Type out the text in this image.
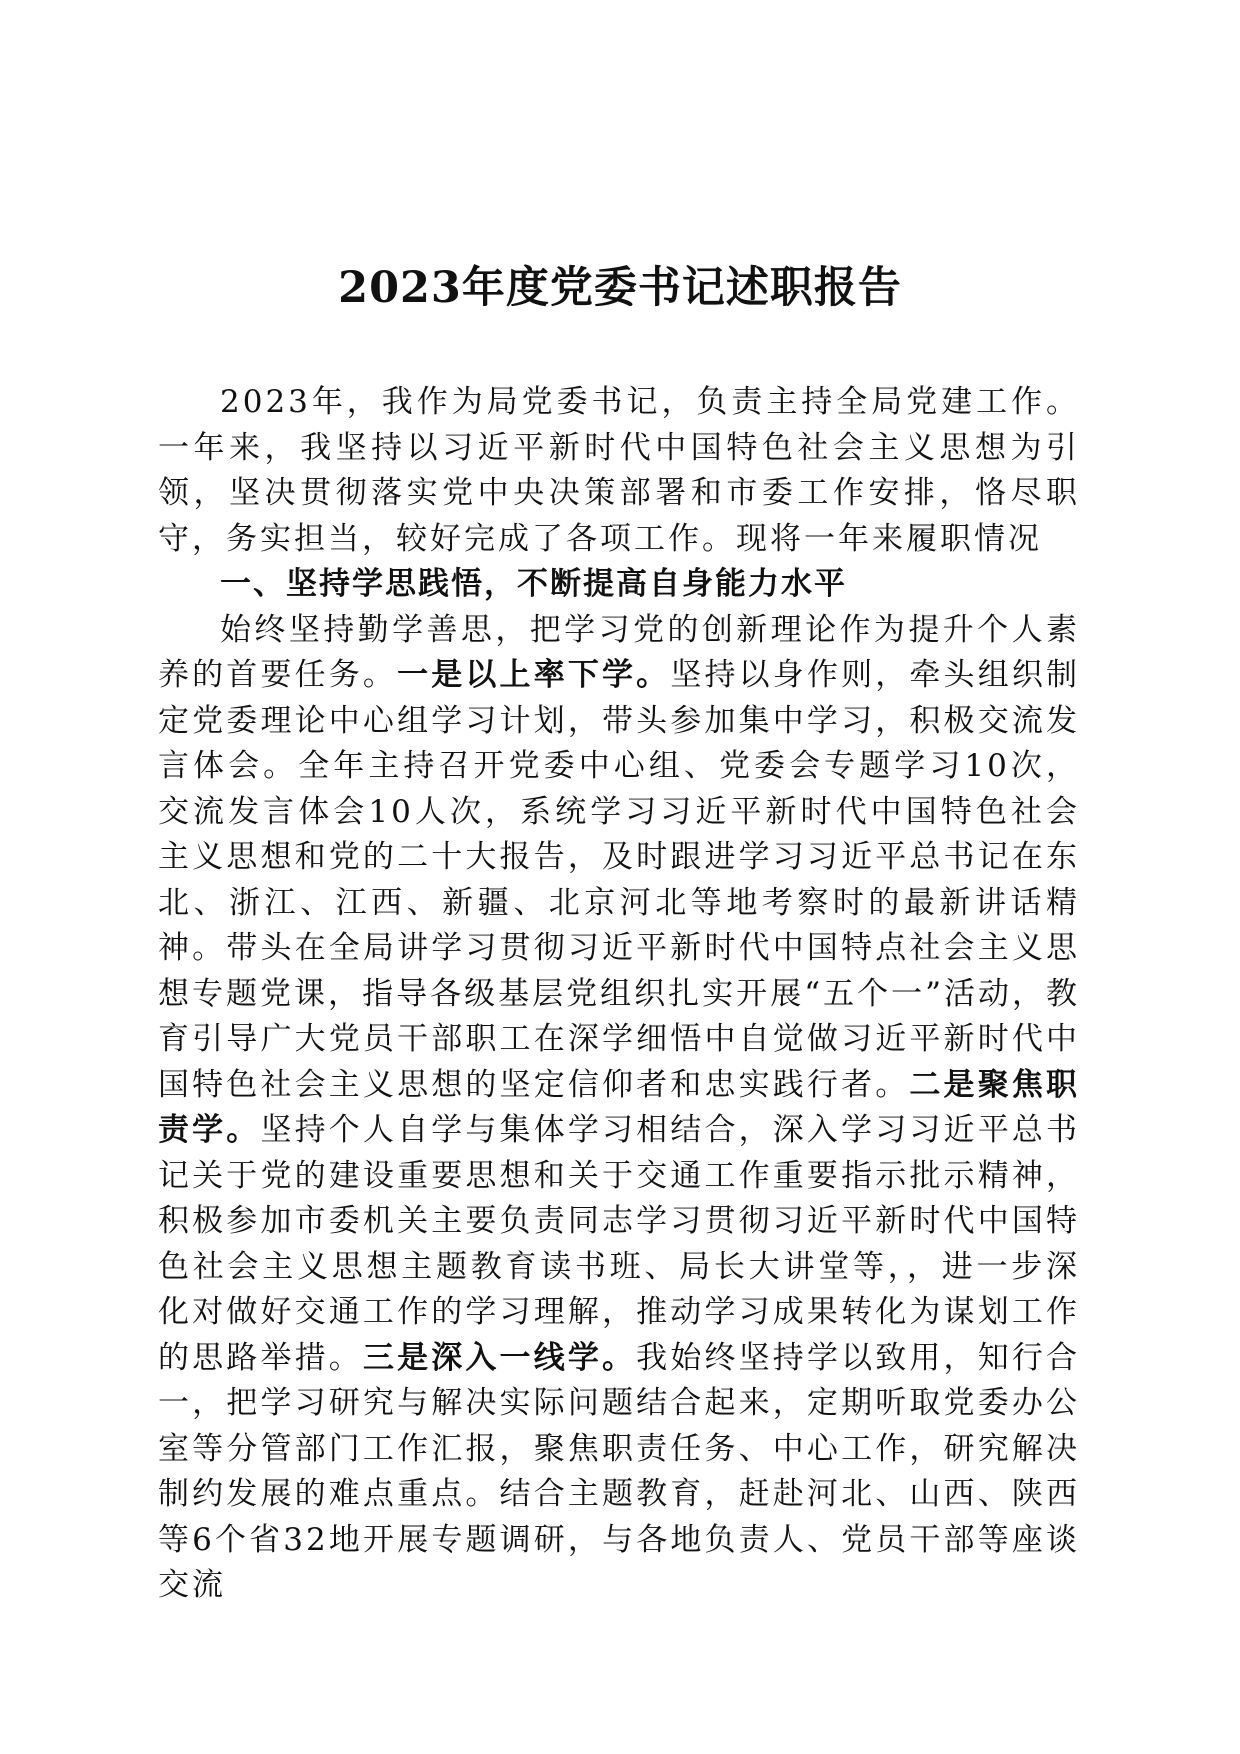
2023年度党委书记述职报告

2023年，我作为局党委书记，负责主持全局党建工作。一年来，我坚持以习近平新时代中国特色社会主义思想为引领，坚决贯彻落实党中央决策部署和市委工作安排，恪尽职守，务实担当，较好完成了各项工作。现将一年来履职情况

一、坚持学思践悟，不断提高自身能力水平

始终坚持勤学善思，把学习党的创新理论作为提升个人素养的首要任务。一是以上率下学。坚持以身作则，牵头组织制定党委理论中心组学习计划，带头参加集中学习，积极交流发言体会。全年主持召开党委中心组、党委会专题学习10次，交流发言体会10人次，系统学习习近平新时代中国特色社会主义思想和党的二十大报告，及时跟进学习习近平总书记在东北、浙江、江西、新疆、北京河北等地考察时的最新讲话精神。带头在全局讲学习贯彻习近平新时代中国特点社会主义思想专题党课，指导各级基层党组织扎实开展“五个一”活动，教育引导广大党员干部职工在深学细悟中自觉做习近平新时代中国特色社会主义思想的坚定信仰者和忠实践行者。二是聚焦职责学。坚持个人自学与集体学习相结合，深入学习习近平总书记关于党的建设重要思想和关于交通工作重要指示批示精神，积极参加市委机关主要负责同志学习贯彻习近平新时代中国特色社会主义思想主题教育读书班、局长大讲堂等，，进一步深化对做好交通工作的学习理解，推动学习成果转化为谋划工作的思路举措。三是深入一线学。我始终坚持学以致用，知行合一，把学习研究与解决实际问题结合起来，定期听取党委办公室等分管部门工作汇报，聚焦职责任务、中心工作，研究解决制约发展的难点重点。结合主题教育，赶赴河北、山西、陕西等6个省32地开展专题调研，与各地负责人、党员干部等座谈交流
